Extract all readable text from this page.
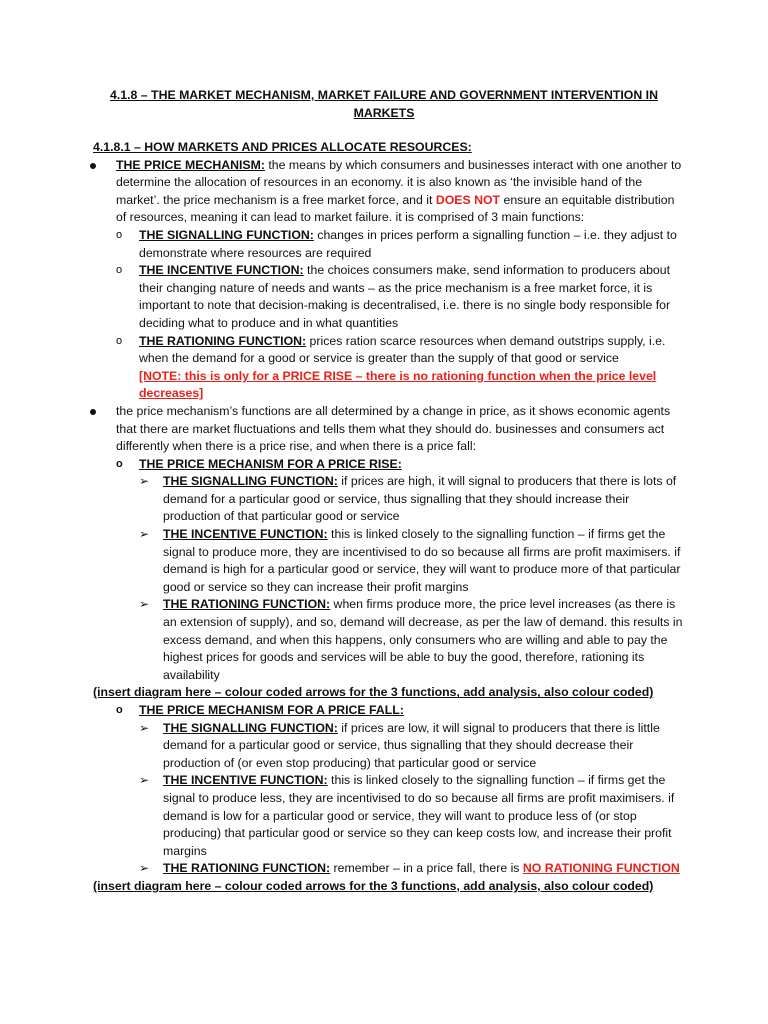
4.1.8 – THE MARKET MECHANISM, MARKET FAILURE AND GOVERNMENT INTERVENTION IN MARKETS
4.1.8.1 – HOW MARKETS AND PRICES ALLOCATE RESOURCES:
THE PRICE MECHANISM: the means by which consumers and businesses interact with one another to determine the allocation of resources in an economy. it is also known as ‘the invisible hand of the market’. the price mechanism is a free market force, and it DOES NOT ensure an equitable distribution of resources, meaning it can lead to market failure. it is comprised of 3 main functions:
o THE SIGNALLING FUNCTION: changes in prices perform a signalling function – i.e. they adjust to demonstrate where resources are required
o THE INCENTIVE FUNCTION: the choices consumers make, send information to producers about their changing nature of needs and wants – as the price mechanism is a free market force, it is important to note that decision-making is decentralised, i.e. there is no single body responsible for deciding what to produce and in what quantities
o THE RATIONING FUNCTION: prices ration scarce resources when demand outstrips supply, i.e. when the demand for a good or service is greater than the supply of that good or service
[NOTE: this is only for a PRICE RISE – there is no rationing function when the price level decreases]
the price mechanism’s functions are all determined by a change in price, as it shows economic agents that there are market fluctuations and tells them what they should do. businesses and consumers act differently when there is a price rise, and when there is a price fall:
o THE PRICE MECHANISM FOR A PRICE RISE:
➢ THE SIGNALLING FUNCTION: if prices are high, it will signal to producers that there is lots of demand for a particular good or service, thus signalling that they should increase their production of that particular good or service
➢ THE INCENTIVE FUNCTION: this is linked closely to the signalling function – if firms get the signal to produce more, they are incentivised to do so because all firms are profit maximisers. if demand is high for a particular good or service, they will want to produce more of that particular good or service so they can increase their profit margins
➢ THE RATIONING FUNCTION: when firms produce more, the price level increases (as there is an extension of supply), and so, demand will decrease, as per the law of demand. this results in excess demand, and when this happens, only consumers who are willing and able to pay the highest prices for goods and services will be able to buy the good, therefore, rationing its availability
(insert diagram here – colour coded arrows for the 3 functions, add analysis, also colour coded)
o THE PRICE MECHANISM FOR A PRICE FALL:
➢ THE SIGNALLING FUNCTION: if prices are low, it will signal to producers that there is little demand for a particular good or service, thus signalling that they should decrease their production of (or even stop producing) that particular good or service
➢ THE INCENTIVE FUNCTION: this is linked closely to the signalling function – if firms get the signal to produce less, they are incentivised to do so because all firms are profit maximisers. if demand is low for a particular good or service, they will want to produce less of (or stop producing) that particular good or service so they can keep costs low, and increase their profit margins
➢ THE RATIONING FUNCTION: remember – in a price fall, there is NO RATIONING FUNCTION
(insert diagram here – colour coded arrows for the 3 functions, add analysis, also colour coded)
